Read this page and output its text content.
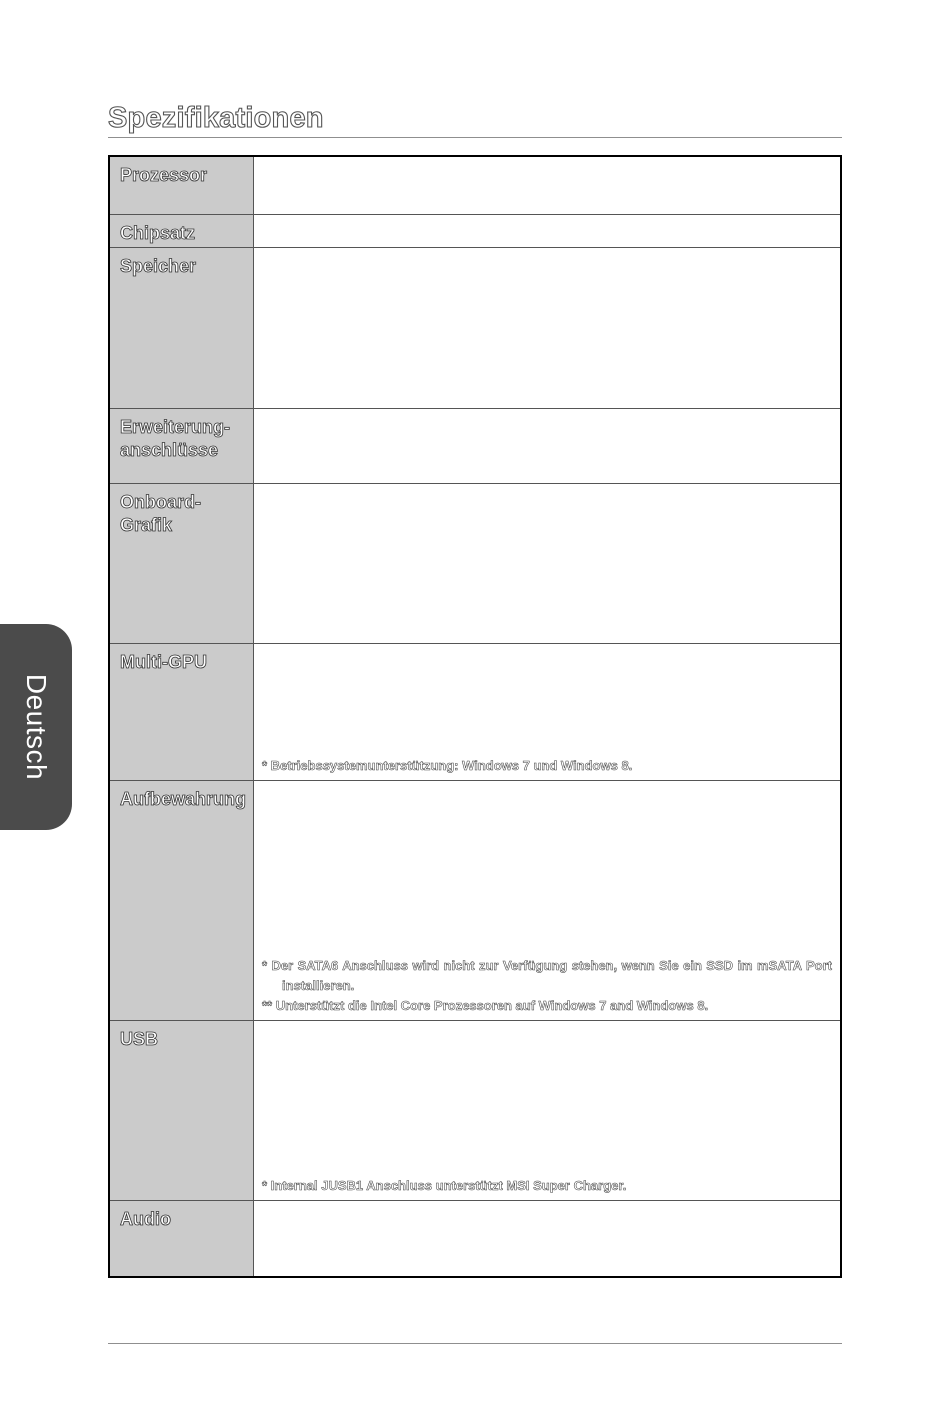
Spezifikationen
Prozessor
Chipsatz
Speicher
Erweiterung-
anschlüsse
Onboard-
Grafik
Multi-GPU
* Betriebssystemunterstützung: Windows 7 und Windows 8.
Aufbewahrung
* Der SATA6 Anschluss wird nicht zur Verfügung stehen, wenn Sie ein SSD im mSATA Port installieren.
** Unterstützt die Intel Core Prozessoren auf Windows 7 and Windows 8.
USB
* Internal JUSB1 Anschluss unterstützt MSI Super Charger.
Audio
Deutsch
